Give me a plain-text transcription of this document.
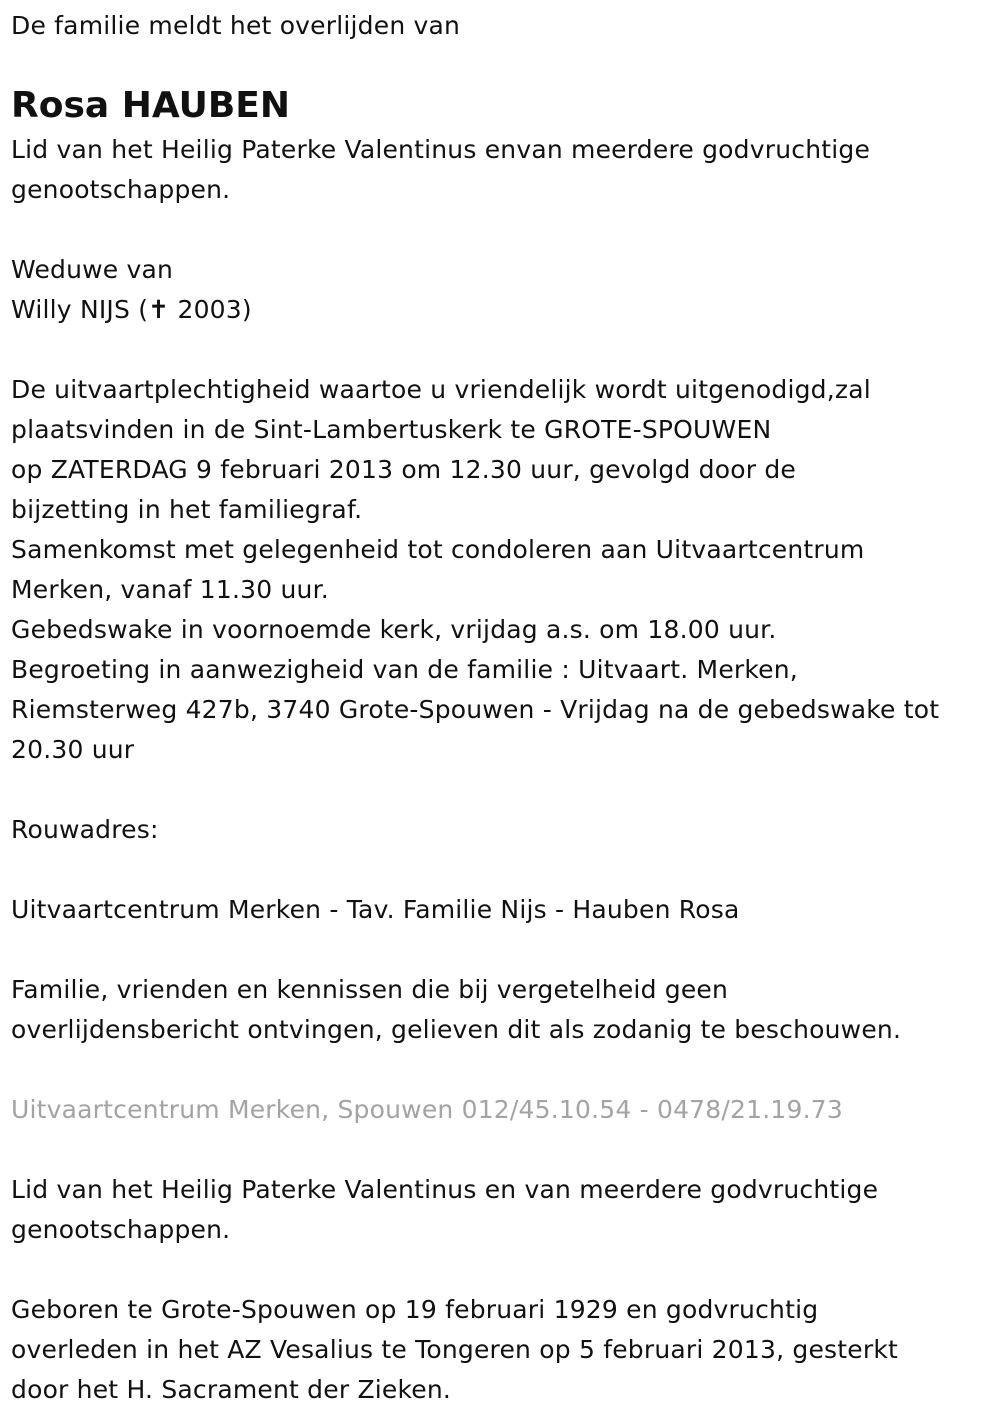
De familie meldt het overlijden van
Rosa HAUBEN
Lid van het Heilig Paterke Valentinus envan meerdere godvruchtige
genootschappen.
Weduwe van
Willy NIJS (✝ 2003)
De uitvaartplechtigheid waartoe u vriendelijk wordt uitgenodigd,zal
plaatsvinden in de Sint-Lambertuskerk te GROTE-SPOUWEN
op ZATERDAG 9 februari 2013 om 12.30 uur, gevolgd door de
bijzetting in het familiegraf.
Samenkomst met gelegenheid tot condoleren aan Uitvaartcentrum
Merken, vanaf 11.30 uur.
Gebedswake in voornoemde kerk, vrijdag a.s. om 18.00 uur.
Begroeting in aanwezigheid van de familie : Uitvaart. Merken,
Riemsterweg 427b, 3740 Grote-Spouwen - Vrijdag na de gebedswake tot
20.30 uur
Rouwadres:
Uitvaartcentrum Merken - Tav. Familie Nijs - Hauben Rosa
Familie, vrienden en kennissen die bij vergetelheid geen
overlijdensbericht ontvingen, gelieven dit als zodanig te beschouwen.
Uitvaartcentrum Merken, Spouwen 012/45.10.54 - 0478/21.19.73
Lid van het Heilig Paterke Valentinus en van meerdere godvruchtige
genootschappen.
Geboren te Grote-Spouwen op 19 februari 1929 en godvruchtig
overleden in het AZ Vesalius te Tongeren op 5 februari 2013, gesterkt
door het H. Sacrament der Zieken.
